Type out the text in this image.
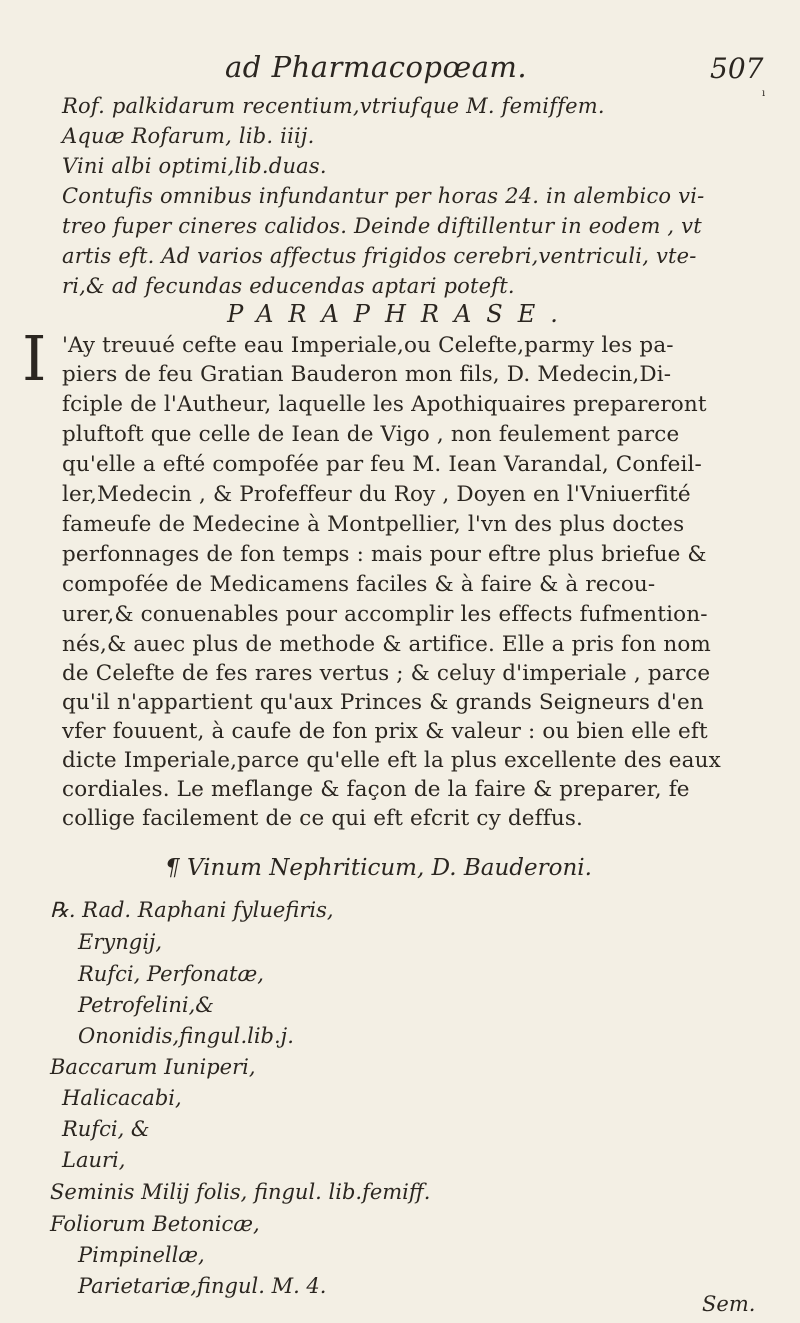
ad Pharmacopœam.	507
ı
Rof. palkidarum recentium,vtriufque M. femiffem.
Aquæ Rofarum, lib. iiij.
Vini albi optimi,lib.duas.
Contufis omnibus infundantur per horas 24. in alembico vi-
treo fuper cineres calidos. Deinde diftillentur in eodem , vt
artis eft. Ad varios affectus frigidos cerebri,ventriculi, vte-
ri,& ad fecundas educendas aptari poteft.
PARAPHRASE.
I 'Ay treuué cefte eau Imperiale,ou Celefte,parmy les pa-
piers de feu Gratian Bauderon mon fils, D. Medecin,Di-
fciple de l'Autheur, laquelle les Apothiquaires prepareront
pluftoft que celle de Iean de Vigo , non feulement parce
qu'elle a efté compofée par feu M. Iean Varandal, Confeil-
ler,Medecin , & Profeffeur du Roy , Doyen en l'Vniuerfité
fameufe de Medecine à Montpellier, l'vn des plus doctes
perfonnages de fon temps : mais pour eftre plus briefue &
compofée de Medicamens faciles & à faire & à recou-
urer,& conuenables pour accomplir les effects fufmention-
nés,& auec plus de methode & artifice. Elle a pris fon nom
de Celefte de fes rares vertus ; & celuy d'imperiale , parce
qu'il n'appartient qu'aux Princes & grands Seigneurs d'en
vfer fouuent, à caufe de fon prix & valeur : ou bien elle eft
dicte Imperiale,parce qu'elle eft la plus excellente des eaux
cordiales. Le meflange & façon de la faire & preparer, fe
collige facilement de ce qui eft efcrit cy deffus.
¶ Vinum Nephriticum, D. Bauderoni.
℞. Rad. Raphani fyluefiris,
Eryngij,
Rufci, Perfonatæ,
Petrofelini,&
Ononidis,fingul.lib.j.
Baccarum Iuniperi,
Halicacabi,
Rufci, &
Lauri,
Seminis Milij folis, fingul. lib.femiff.
Foliorum Betonicæ,
Pimpinellæ,
Parietariæ,fingul. M. 4.
Sem.
